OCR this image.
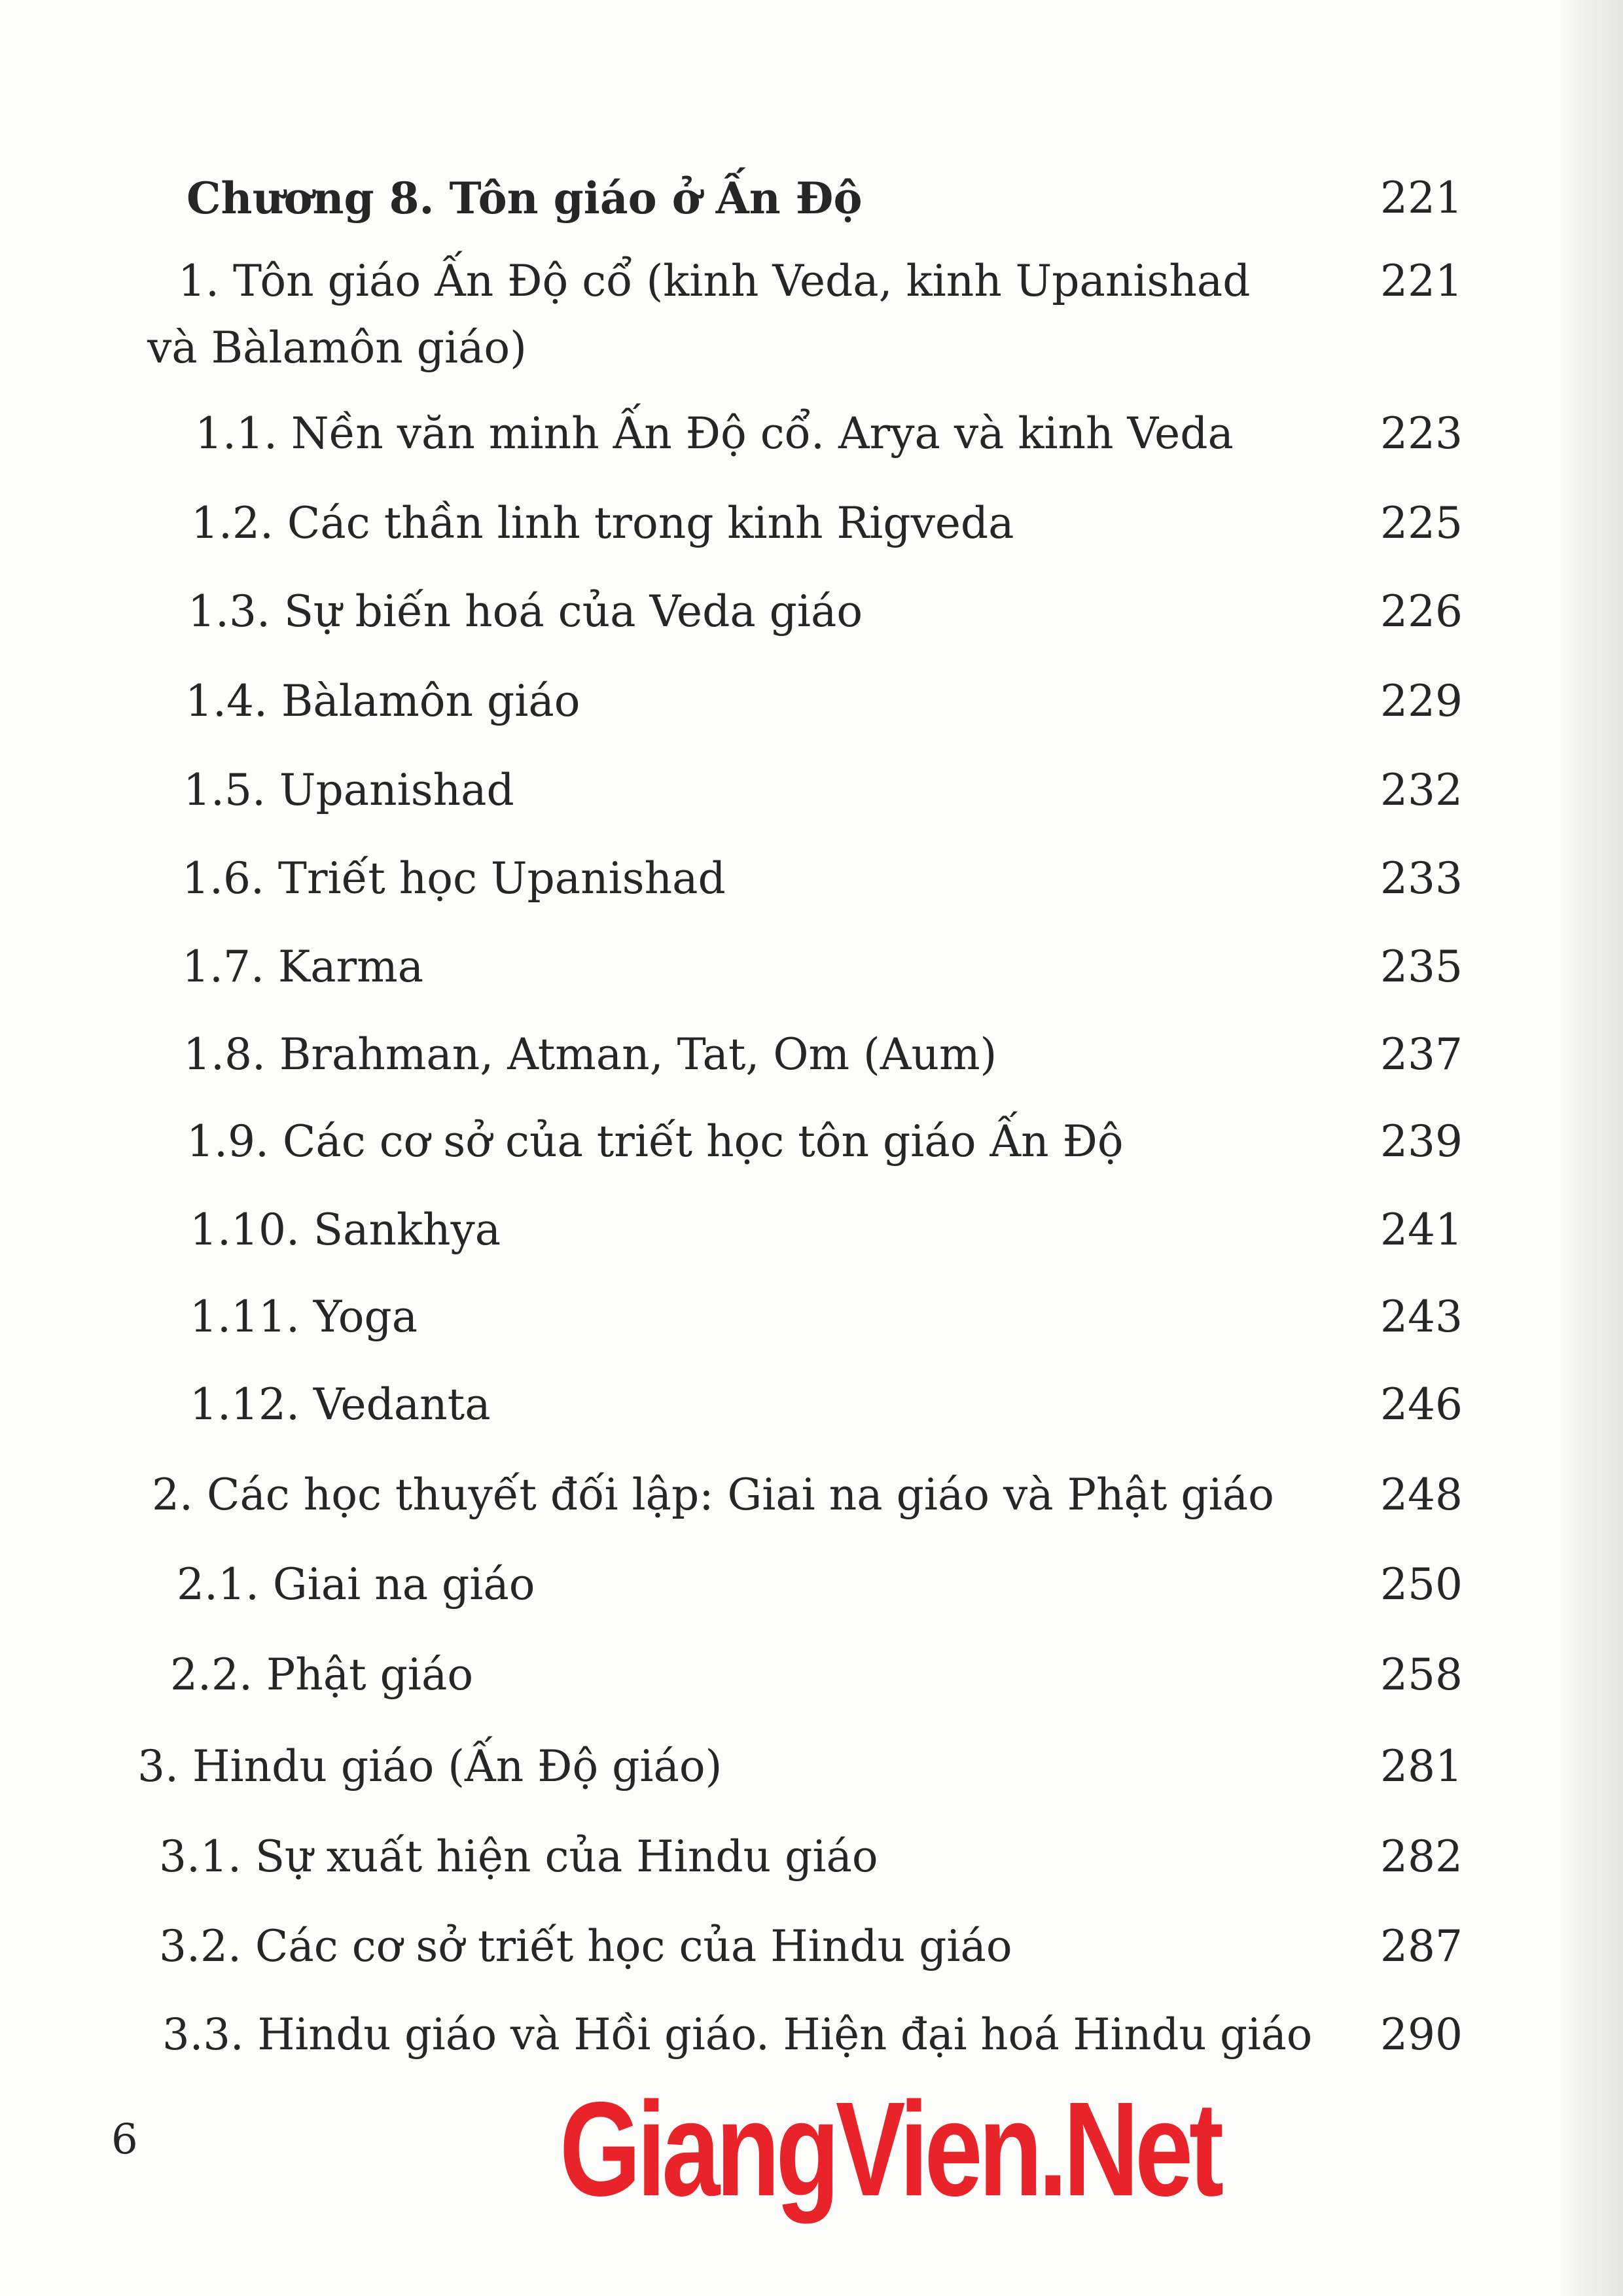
Chương 8. Tôn giáo ở Ấn Độ	221
1. Tôn giáo Ấn Độ cổ (kinh Veda, kinh Upanishad	221
và Bàlamôn giáo)
1.1. Nền văn minh Ấn Độ cổ. Arya và kinh Veda	223
1.2. Các thần linh trong kinh Rigveda	225
1.3. Sự biến hoá của Veda giáo	226
1.4. Bàlamôn giáo	229
1.5. Upanishad	232
1.6. Triết học Upanishad	233
1.7. Karma	235
1.8. Brahman, Atman, Tat, Om (Aum)	237
1.9. Các cơ sở của triết học tôn giáo Ấn Độ	239
1.10. Sankhya	241
1.11. Yoga	243
1.12. Vedanta	246
2. Các học thuyết đối lập: Giai na giáo và Phật giáo	248
2.1. Giai na giáo	250
2.2. Phật giáo	258
3. Hindu giáo (Ấn Độ giáo)	281
3.1. Sự xuất hiện của Hindu giáo	282
3.2. Các cơ sở triết học của Hindu giáo	287
3.3. Hindu giáo và Hồi giáo. Hiện đại hoá Hindu giáo	290
6	GiangVien.Net
